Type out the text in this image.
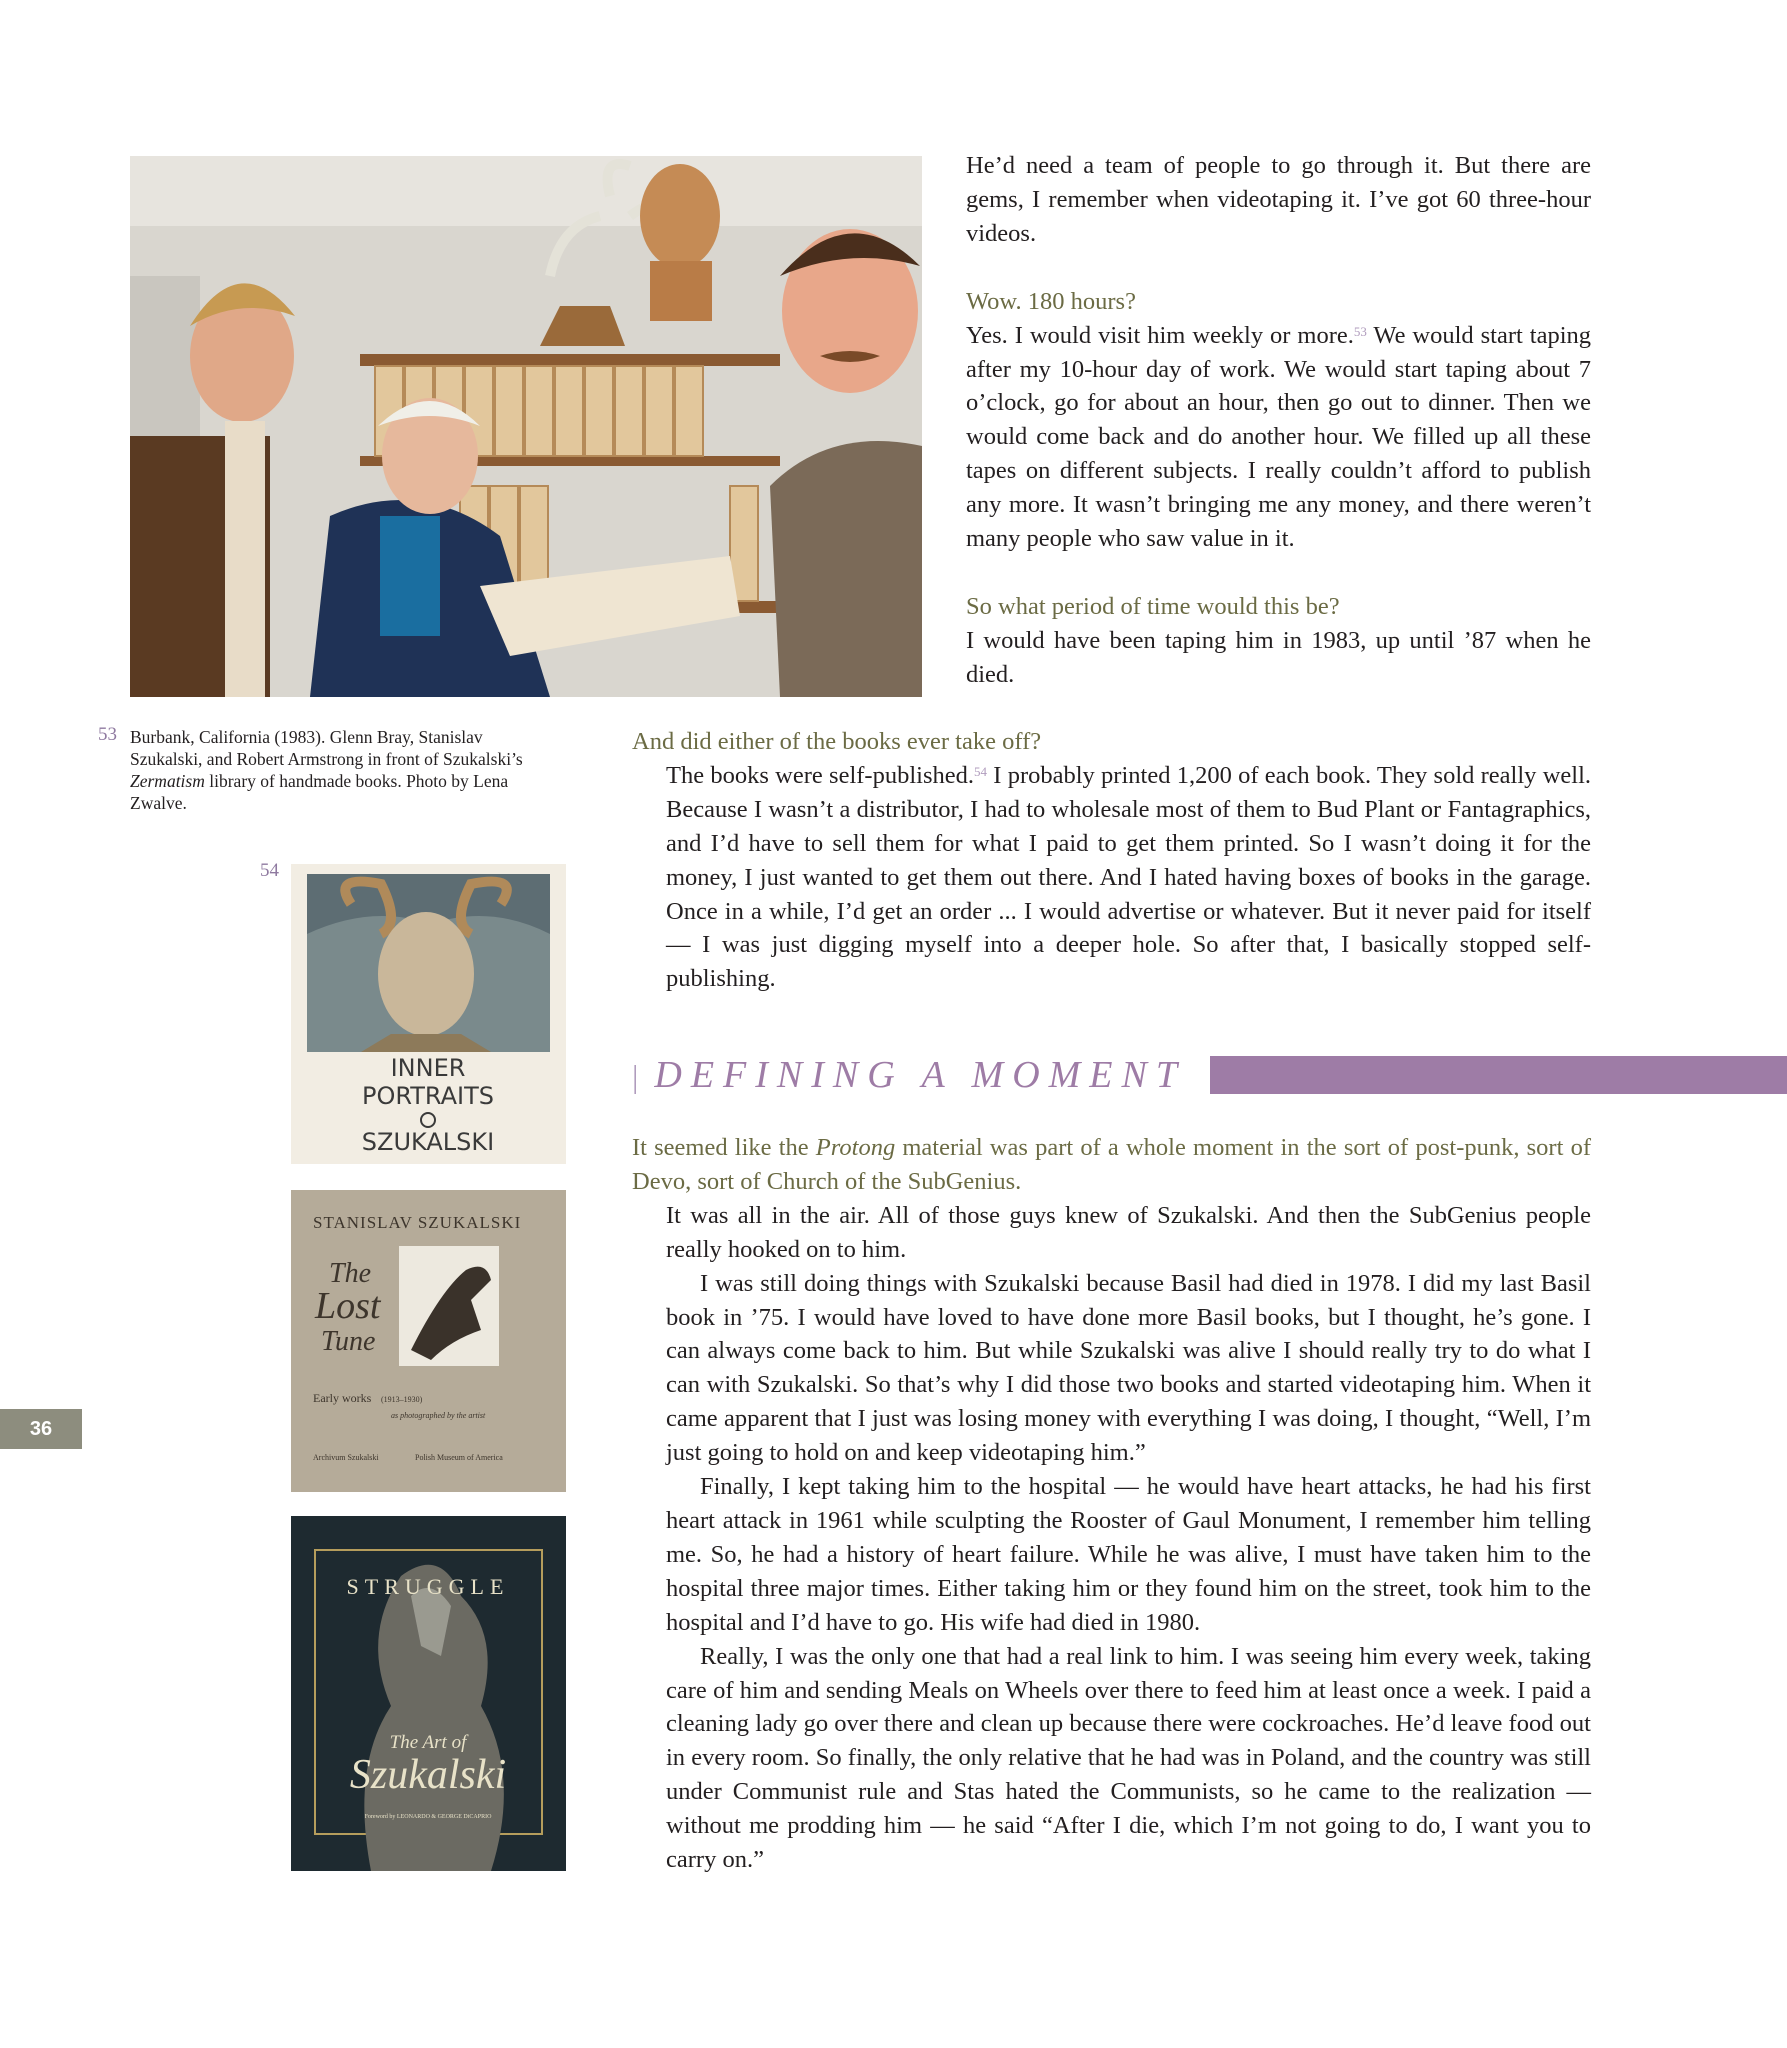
He’d need a team of people to go through it. But there are gems, I remember when videotaping it. I’ve got 60 three-hour videos.

Wow. 180 hours?

Yes. I would visit him weekly or more.$^{53}$ We would start taping after my 10-hour day of work. We would start taping about 7 o’clock, go for about an hour, then go out to dinner. Then we would come back and do another hour. We filled up all these tapes on different subjects. I really couldn’t afford to publish any more. It wasn’t bringing me any money, and there weren’t many people who saw value in it.

So what period of time would this be?

I would have been taping him in 1983, up until ’87 when he died.

53 Burbank, California (1983). Glenn Bray, Stanislav Szukalski, and Robert Armstrong in front of Szukalski’s Zermatism library of handmade books. Photo by Lena Zwalve.
54
And did either of the books ever take off?

The books were self-published.$^{54}$ I probably printed 1,200 of each book. They sold really well. Because I wasn’t a distributor, I had to wholesale most of them to Bud Plant or Fantagraphics, and I’d have to sell them for what I paid to get them printed. So I wasn’t doing it for the money, I just wanted to get them out there. And I hated having boxes of books in the garage. Once in a while, I’d get an order ... I would advertise or whatever. But it never paid for itself — I was just digging myself into a deeper hole. So after that, I basically stopped self-publishing.

| DEFINING A MOMENT
It seemed like the Protong material was part of a whole moment in the sort of post-punk, sort of Devo, sort of Church of the SubGenius.

It was all in the air. All of those guys knew of Szukalski. And then the SubGenius people really hooked on to him.

I was still doing things with Szukalski because Basil had died in 1978. I did my last Basil book in ’75. I would have loved to have done more Basil books, but I thought, he’s gone. I can always come back to him. But while Szukalski was alive I should really try to do what I can with Szukalski. So that’s why I did those two books and started videotaping him. When it came apparent that I just was losing money with everything I was doing, I thought, “Well, I’m just going to hold on and keep videotaping him.”

Finally, I kept taking him to the hospital — he would have heart attacks, he had his first heart attack in 1961 while sculpting the Rooster of Gaul Monument, I remember him telling me. So, he had a history of heart failure. While he was alive, I must have taken him to the hospital three major times. Either taking him or they found him on the street, took him to the hospital and I’d have to go. His wife had died in 1980.

Really, I was the only one that had a real link to him. I was seeing him every week, taking care of him and sending Meals on Wheels over there to feed him at least once a week. I paid a cleaning lady go over there and clean up because there were cockroaches. He’d leave food out in every room. So finally, the only relative that he had was in Poland, and the country was still under Communist rule and Stas hated the Communists, so he came to the realization — without me prodding him — he said “After I die, which I’m not going to do, I want you to carry on.”

36
INNER
PORTRAITS
SZUKALSKI
STANISLAV SZUKALSKI
The
Lost
Tune
Early works (1913–1930)
as photographed by the artist
Archivum Szukalski	Polish Museum of America
STRUGGLE
The Art of
Szukalski
Foreword by LEONARDO & GEORGE DiCAPRIO
